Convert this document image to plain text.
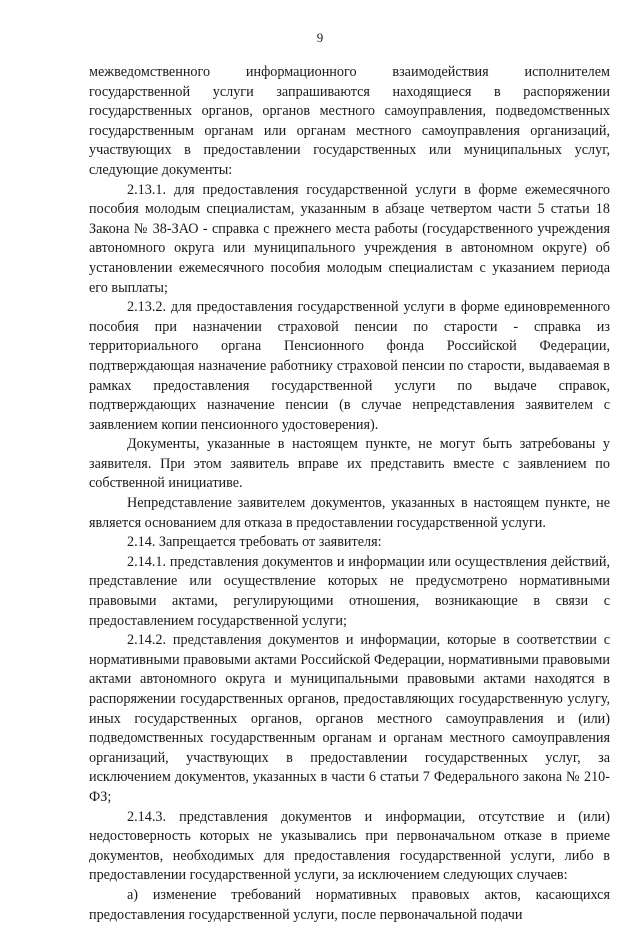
9

межведомственного информационного взаимодействия исполнителем государственной услуги запрашиваются находящиеся в распоряжении государственных органов, органов местного самоуправления, подведомственных государственным органам или органам местного самоуправления организаций, участвующих в предоставлении государственных или муниципальных услуг, следующие документы:

2.13.1. для предоставления государственной услуги в форме ежемесячного пособия молодым специалистам, указанным в абзаце четвертом части 5 статьи 18 Закона № 38-ЗАО - справка с прежнего места работы (государственного учреждения автономного округа или муниципального учреждения в автономном округе) об установлении ежемесячного пособия молодым специалистам с указанием периода его выплаты;

2.13.2. для предоставления государственной услуги в форме единовременного пособия при назначении страховой пенсии по старости - справка из территориального органа Пенсионного фонда Российской Федерации, подтверждающая назначение работнику страховой пенсии по старости, выдаваемая в рамках предоставления государственной услуги по выдаче справок, подтверждающих назначение пенсии (в случае непредставления заявителем с заявлением копии пенсионного удостоверения).

Документы, указанные в настоящем пункте, не могут быть затребованы у заявителя. При этом заявитель вправе их представить вместе с заявлением по собственной инициативе.

Непредставление заявителем документов, указанных в настоящем пункте, не является основанием для отказа в предоставлении государственной услуги.

2.14. Запрещается требовать от заявителя:

2.14.1. представления документов и информации или осуществления действий, представление или осуществление которых не предусмотрено нормативными правовыми актами, регулирующими отношения, возникающие в связи с предоставлением государственной услуги;

2.14.2. представления документов и информации, которые в соответствии с нормативными правовыми актами Российской Федерации, нормативными правовыми актами автономного округа и муниципальными правовыми актами находятся в распоряжении государственных органов, предоставляющих государственную услугу, иных государственных органов, органов местного самоуправления и (или) подведомственных государственным органам и органам местного самоуправления организаций, участвующих в предоставлении государственных услуг, за исключением документов, указанных в части 6 статьи 7 Федерального закона № 210-ФЗ;

2.14.3. представления документов и информации, отсутствие и (или) недостоверность которых не указывались при первоначальном отказе в приеме документов, необходимых для предоставления государственной услуги, либо в предоставлении государственной услуги, за исключением следующих случаев:

а) изменение требований нормативных правовых актов, касающихся предоставления государственной услуги, после первоначальной подачи
